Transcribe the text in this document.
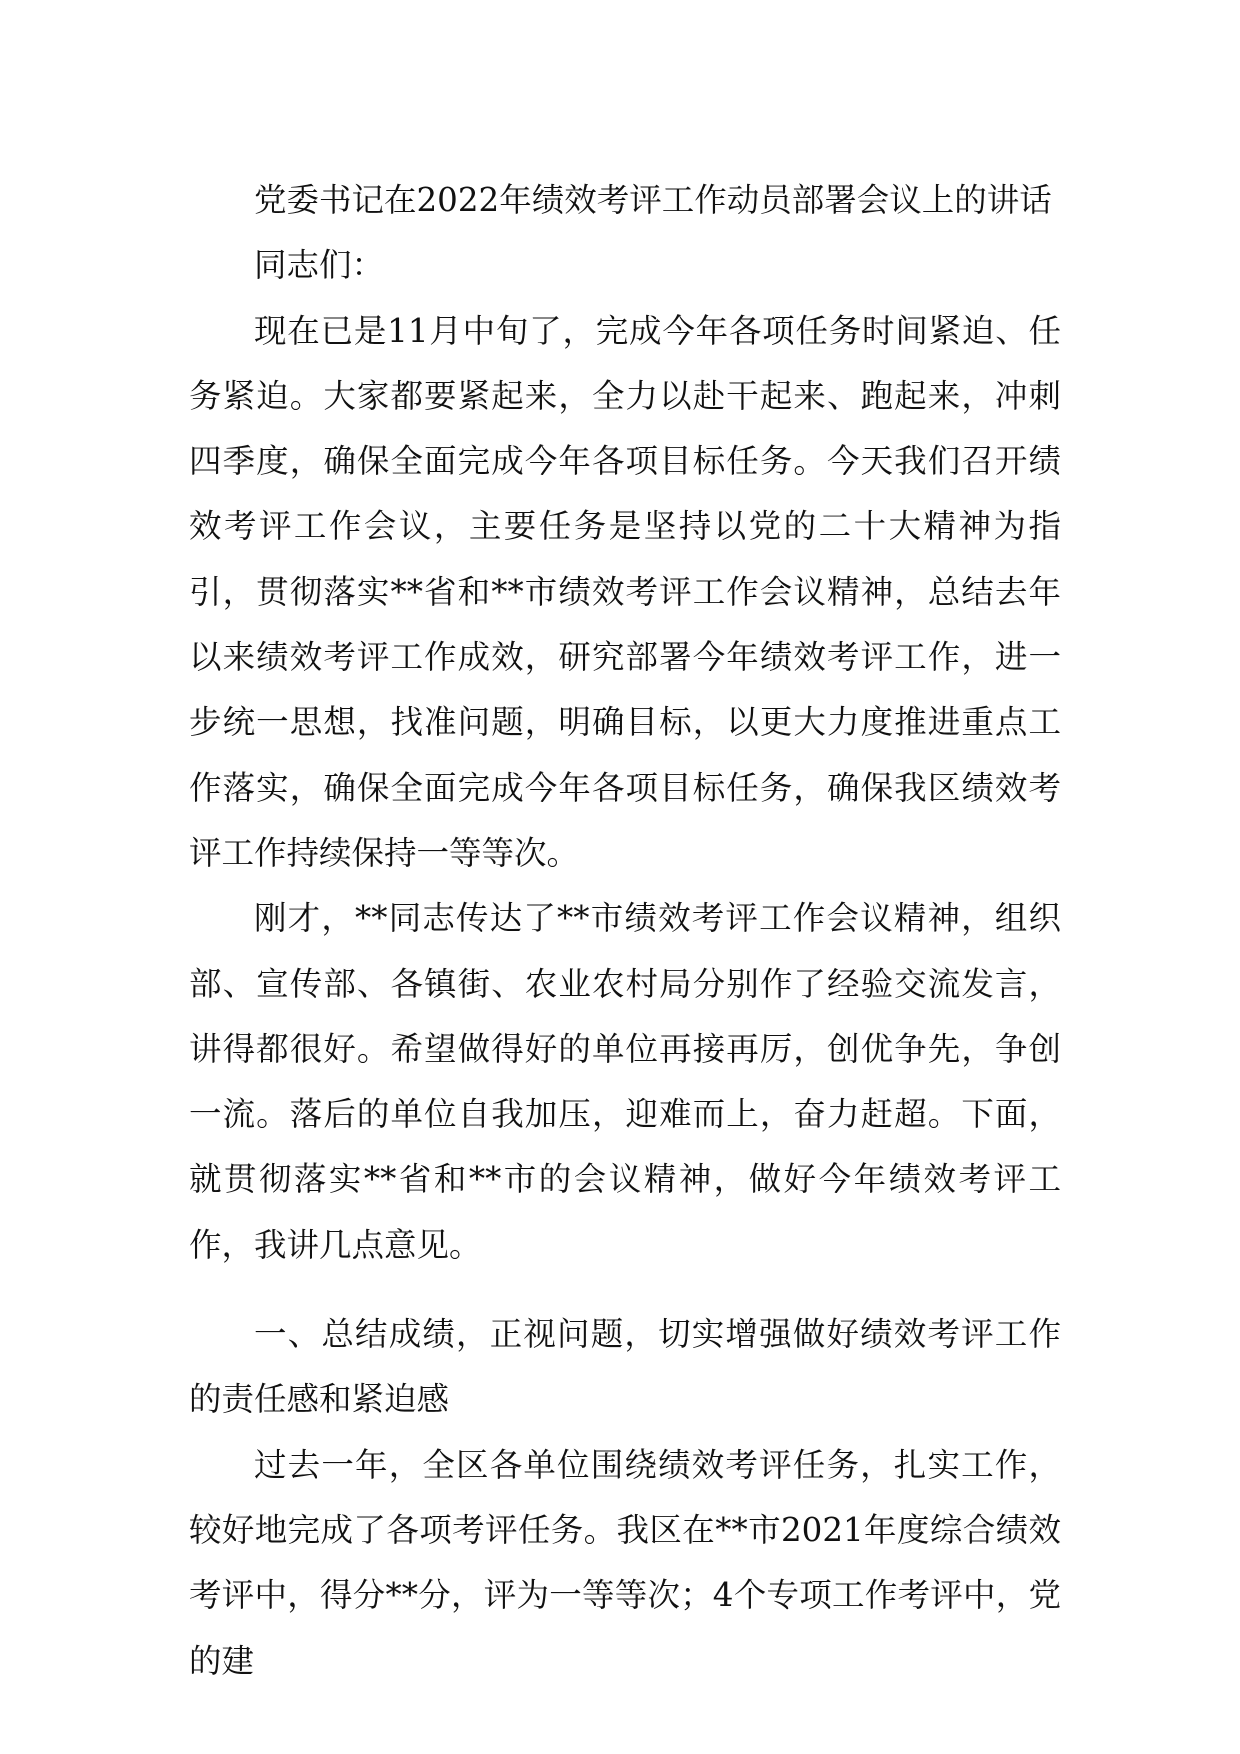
党委书记在2022年绩效考评工作动员部署会议上的讲话

同志们：

现在已是11月中旬了，完成今年各项任务时间紧迫、任务紧迫。大家都要紧起来，全力以赴干起来、跑起来，冲刺四季度，确保全面完成今年各项目标任务。今天我们召开绩效考评工作会议，主要任务是坚持以党的二十大精神为指引，贯彻落实**省和**市绩效考评工作会议精神，总结去年以来绩效考评工作成效，研究部署今年绩效考评工作，进一步统一思想，找准问题，明确目标，以更大力度推进重点工作落实，确保全面完成今年各项目标任务，确保我区绩效考评工作持续保持一等等次。

刚才，**同志传达了**市绩效考评工作会议精神，组织部、宣传部、各镇街、农业农村局分别作了经验交流发言，讲得都很好。希望做得好的单位再接再厉，创优争先，争创一流。落后的单位自我加压，迎难而上，奋力赶超。下面，就贯彻落实**省和**市的会议精神，做好今年绩效考评工作，我讲几点意见。

一、总结成绩，正视问题，切实增强做好绩效考评工作的责任感和紧迫感

过去一年，全区各单位围绕绩效考评任务，扎实工作，较好地完成了各项考评任务。我区在**市2021年度综合绩效考评中，得分**分，评为一等等次；4个专项工作考评中，党的建
